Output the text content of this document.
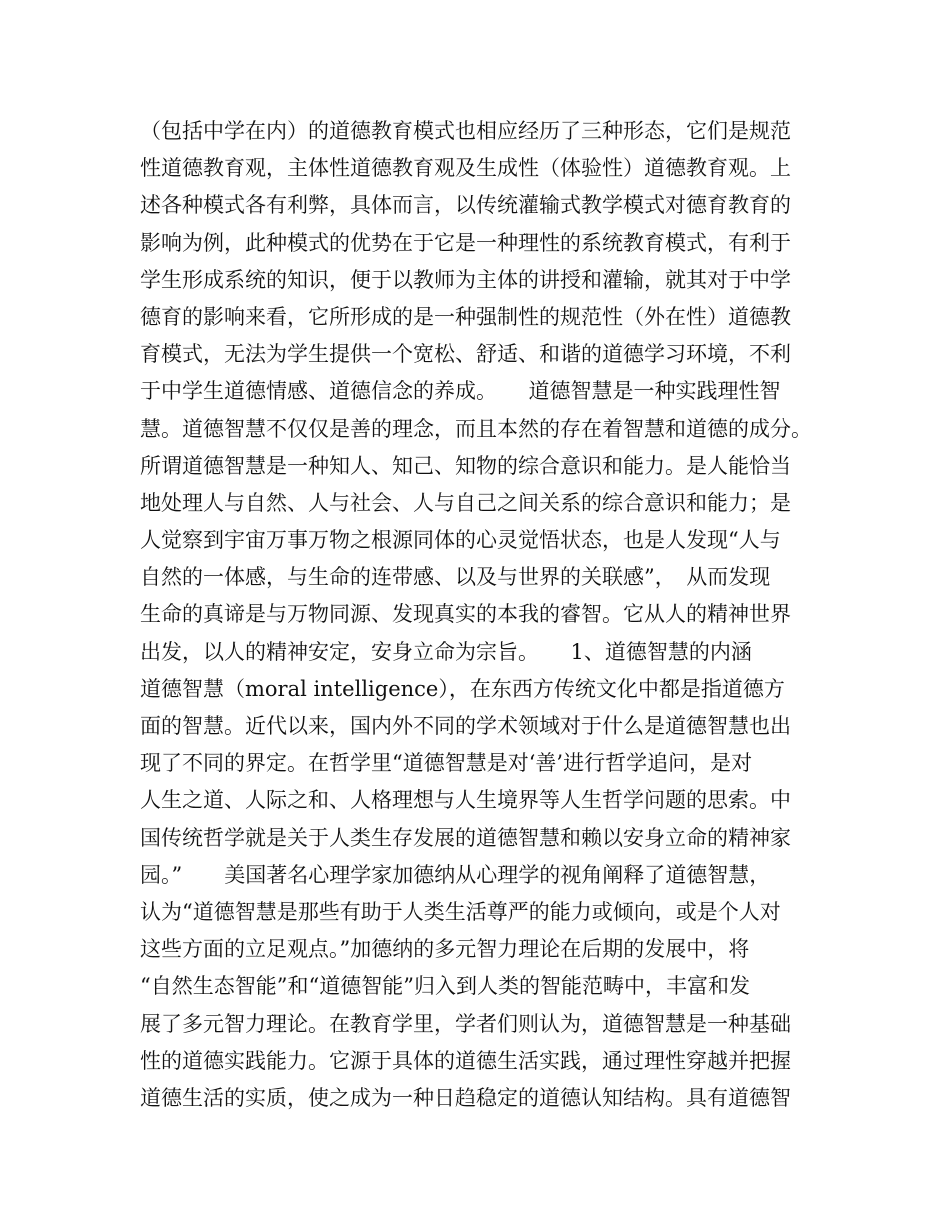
（包括中学在内）的道德教育模式也相应经历了三种形态，它们是规范
性道德教育观，主体性道德教育观及生成性（体验性）道德教育观。上
述各种模式各有利弊，具体而言，以传统灌输式教学模式对德育教育的
影响为例，此种模式的优势在于它是一种理性的系统教育模式，有利于
学生形成系统的知识，便于以教师为主体的讲授和灌输，就其对于中学
德育的影响来看，它所形成的是一种强制性的规范性（外在性）道德教
育模式，无法为学生提供一个宽松、舒适、和谐的道德学习环境，不利
于中学生道德情感、道德信念的养成。　　道德智慧是一种实践理性智
慧。道德智慧不仅仅是善的理念，而且本然的存在着智慧和道德的成分。
所谓道德智慧是一种知人、知己、知物的综合意识和能力。是人能恰当
地处理人与自然、人与社会、人与自己之间关系的综合意识和能力；是
人觉察到宇宙万事万物之根源同体的心灵觉悟状态，也是人发现“人与
自然的一体感，与生命的连带感、以及与世界的关联感”，　从而发现
生命的真谛是与万物同源、发现真实的本我的睿智。它从人的精神世界
出发，以人的精神安定，安身立命为宗旨。　　1、道德智慧的内涵
道德智慧（moral intelligence），在东西方传统文化中都是指道德方
面的智慧。近代以来，国内外不同的学术领域对于什么是道德智慧也出
现了不同的界定。在哲学里“道德智慧是对‘善’进行哲学追问，是对
人生之道、人际之和、人格理想与人生境界等人生哲学问题的思索。中
国传统哲学就是关于人类生存发展的道德智慧和赖以安身立命的精神家
园。”　　美国著名心理学家加德纳从心理学的视角阐释了道德智慧，
认为“道德智慧是那些有助于人类生活尊严的能力或倾向，或是个人对
这些方面的立足观点。”加德纳的多元智力理论在后期的发展中，将
“自然生态智能”和“道德智能”归入到人类的智能范畴中，丰富和发
展了多元智力理论。在教育学里，学者们则认为，道德智慧是一种基础
性的道德实践能力。它源于具体的道德生活实践，通过理性穿越并把握
道德生活的实质，使之成为一种日趋稳定的道德认知结构。具有道德智
